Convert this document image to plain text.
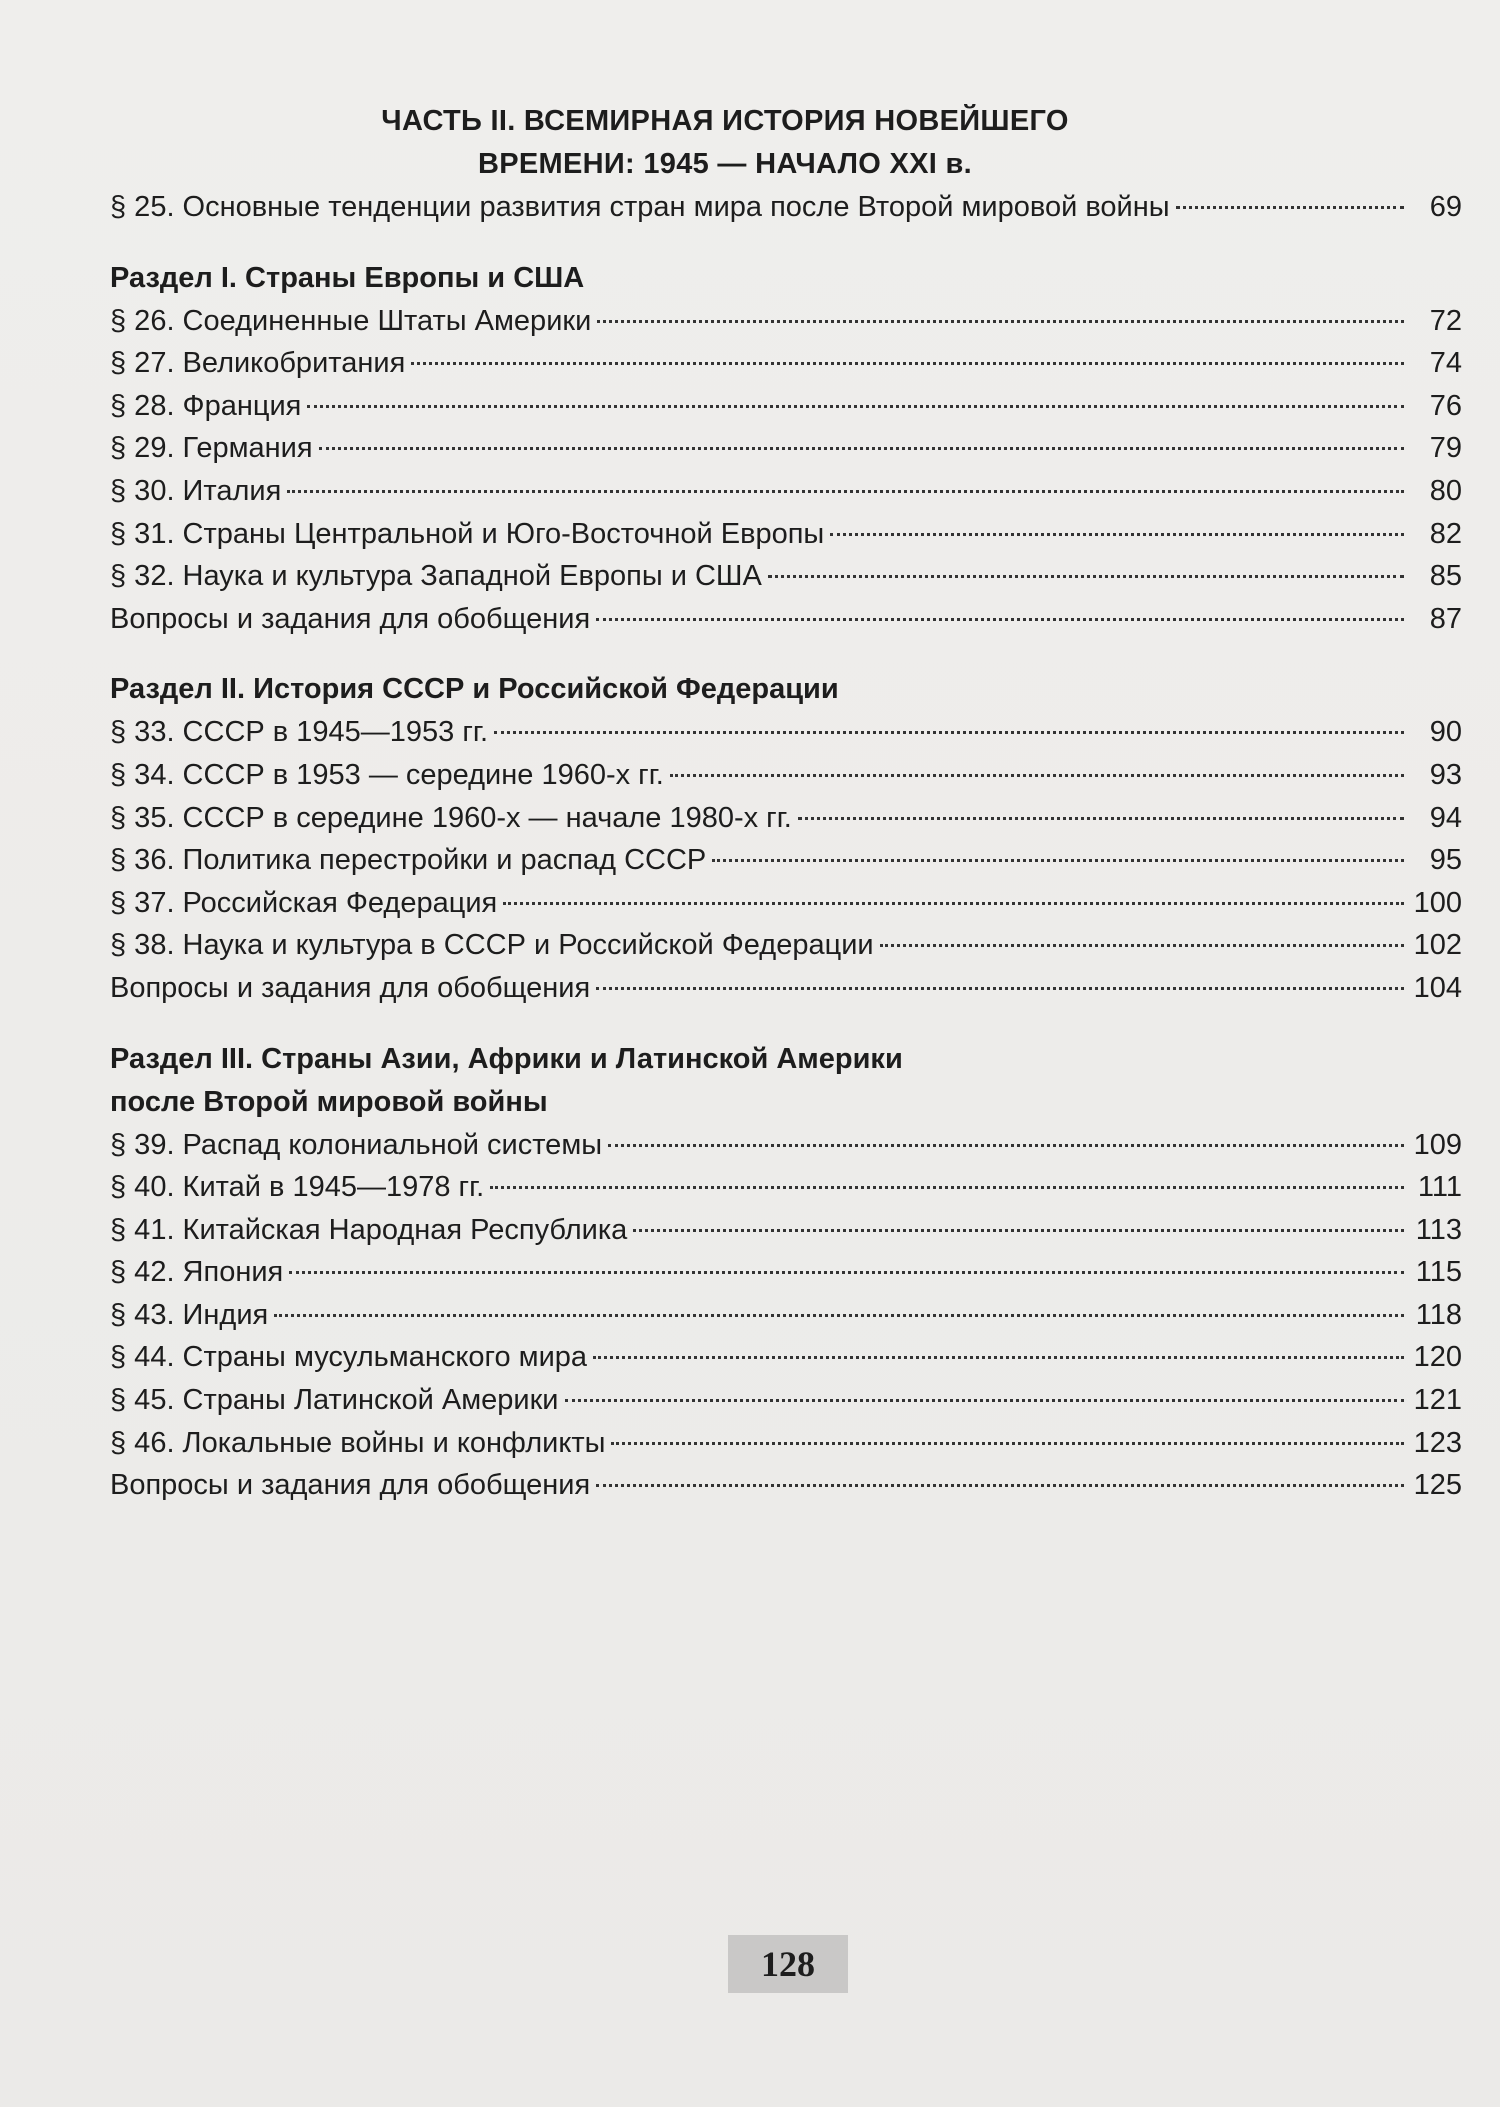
ЧАСТЬ II. ВСЕМИРНАЯ ИСТОРИЯ НОВЕЙШЕГО
ВРЕМЕНИ: 1945 — НАЧАЛО XXI в.
§ 25. Основные тенденции развития стран мира после Второй мировой войны	69
Раздел I. Страны Европы и США
§ 26. Соединенные Штаты Америки	72
§ 27. Великобритания	74
§ 28. Франция	76
§ 29. Германия	79
§ 30. Италия	80
§ 31. Страны Центральной и Юго-Восточной Европы	82
§ 32. Наука и культура Западной Европы и США	85
Вопросы и задания для обобщения	87
Раздел II. История СССР и Российской Федерации
§ 33. СССР в 1945—1953 гг.	90
§ 34. СССР в 1953 — середине 1960-х гг.	93
§ 35. СССР в середине 1960-х — начале 1980-х гг.	94
§ 36. Политика перестройки и распад СССР	95
§ 37. Российская Федерация	100
§ 38. Наука и культура в СССР и Российской Федерации	102
Вопросы и задания для обобщения	104
Раздел III. Страны Азии, Африки и Латинской Америки
после Второй мировой войны
§ 39. Распад колониальной системы	109
§ 40. Китай в 1945—1978 гг.	111
§ 41. Китайская Народная Республика	113
§ 42. Япония	115
§ 43. Индия	118
§ 44. Страны мусульманского мира	120
§ 45. Страны Латинской Америки	121
§ 46. Локальные войны и конфликты	123
Вопросы и задания для обобщения	125
128
